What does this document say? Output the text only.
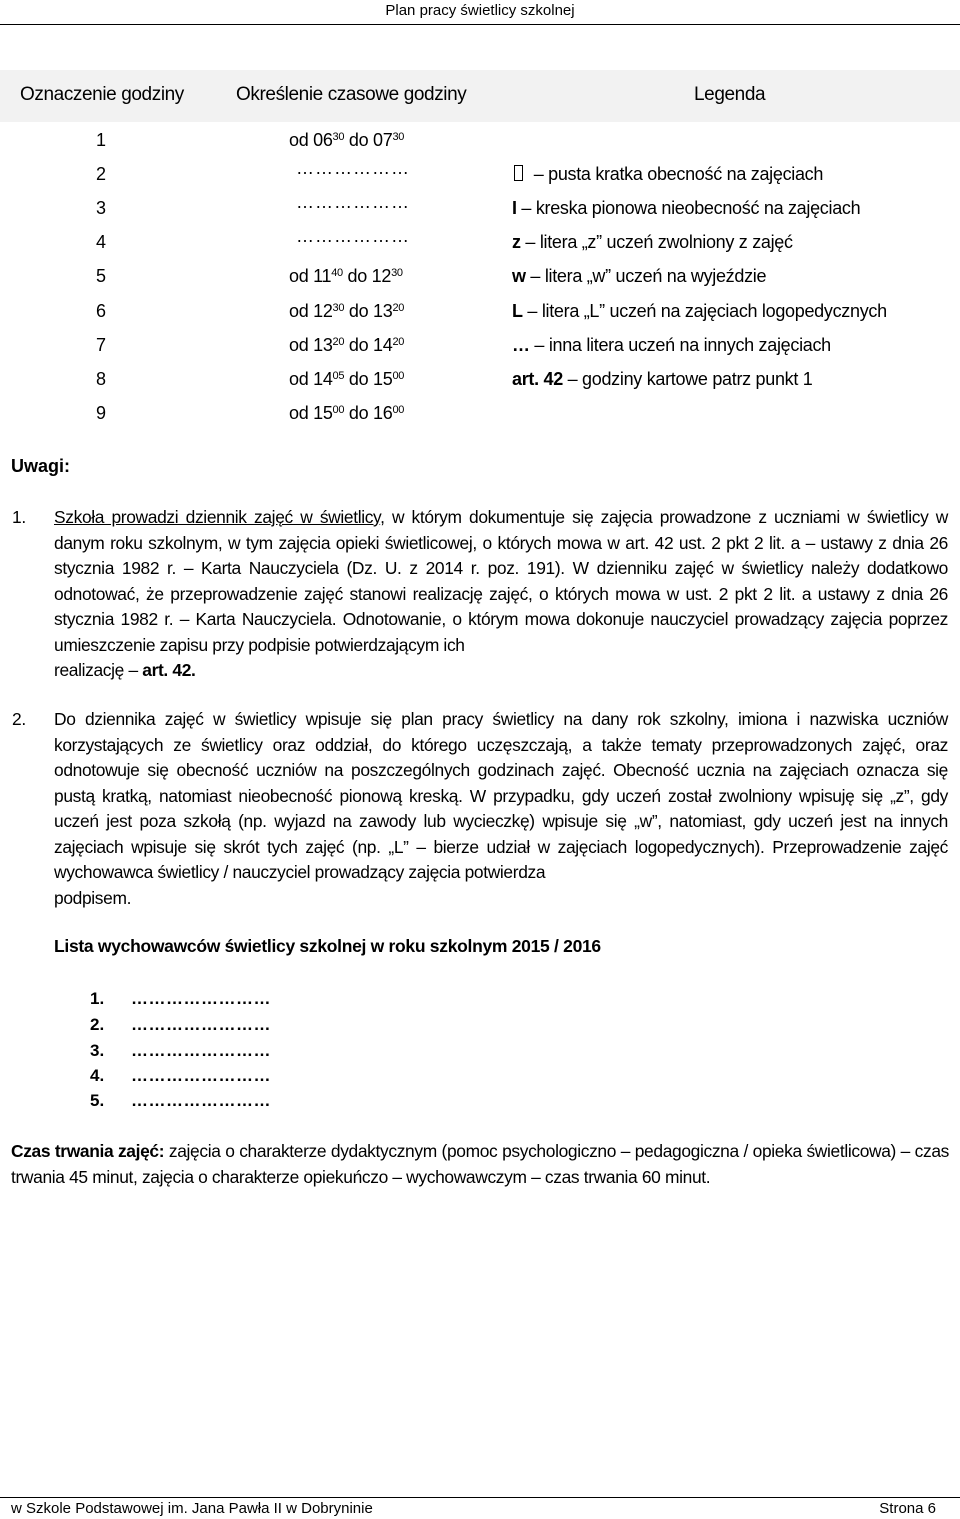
Plan pracy świetlicy szkolnej
Oznaczenie godziny	Określenie czasowe godziny	Legenda
1	od $06^{30}$ do $07^{30}$
2	………………	– pusta kratka obecność na zajęciach
3	………………	I – kreska pionowa nieobecność na zajęciach
4	………………	z – litera „z” uczeń zwolniony z zajęć
5	od $11^{40}$ do $12^{30}$	w – litera „w” uczeń na wyjeździe
6	od $12^{30}$ do $13^{20}$	L – litera „L” uczeń na zajęciach logopedycznych
7	od $13^{20}$ do $14^{20}$	… – inna litera uczeń na innych zajęciach
8	od $14^{05}$ do $15^{00}$	art. 42 – godziny kartowe patrz punkt 1
9	od $15^{00}$ do $16^{00}$
Uwagi:
1. Szkoła prowadzi dziennik zajęć w świetlicy, w którym dokumentuje się zajęcia prowadzone z uczniami w świetlicy w danym roku szkolnym, w tym zajęcia opieki świetlicowej, o których mowa w art. 42 ust. 2 pkt 2 lit. a – ustawy z dnia 26 stycznia 1982 r. – Karta Nauczyciela (Dz. U. z 2014 r. poz. 191). W dzienniku zajęć w świetlicy należy dodatkowo odnotować, że przeprowadzenie zajęć stanowi realizację zajęć, o których mowa w ust. 2 pkt 2 lit. a ustawy z dnia 26 stycznia 1982 r. – Karta Nauczyciela. Odnotowanie, o którym mowa dokonuje nauczyciel prowadzący zajęcia poprzez umieszczenie zapisu przy podpisie potwierdzającym ich
realizację – art. 42.
2. Do dziennika zajęć w świetlicy wpisuje się plan pracy świetlicy na dany rok szkolny, imiona i nazwiska uczniów korzystających ze świetlicy oraz oddział, do którego uczęszczają, a także tematy przeprowadzonych zajęć, oraz odnotowuje się obecność uczniów na poszczególnych godzinach zajęć. Obecność ucznia na zajęciach oznacza się pustą kratką, natomiast nieobecność pionową kreską. W przypadku, gdy uczeń został zwolniony wpisuję się „z”, gdy uczeń jest poza szkołą (np. wyjazd na zawody lub wycieczkę) wpisuje się „w”, natomiast, gdy uczeń jest na innych zajęciach wpisuje się skrót tych zajęć (np. „L” – bierze udział w zajęciach logopedycznych). Przeprowadzenie zajęć wychowawca świetlicy / nauczyciel prowadzący zajęcia potwierdza
podpisem.
Lista wychowawców świetlicy szkolnej w roku szkolnym 2015 / 2016
1. ……………………
2. ……………………
3. ……………………
4. ……………………
5. ……………………
Czas trwania zajęć: zajęcia o charakterze dydaktycznym (pomoc psychologiczno – pedagogiczna / opieka świetlicowa) – czas trwania 45 minut, zajęcia o charakterze opiekuńczo – wychowawczym – czas trwania 60 minut.
w Szkole Podstawowej im. Jana Pawła II w Dobryninie	Strona 6
